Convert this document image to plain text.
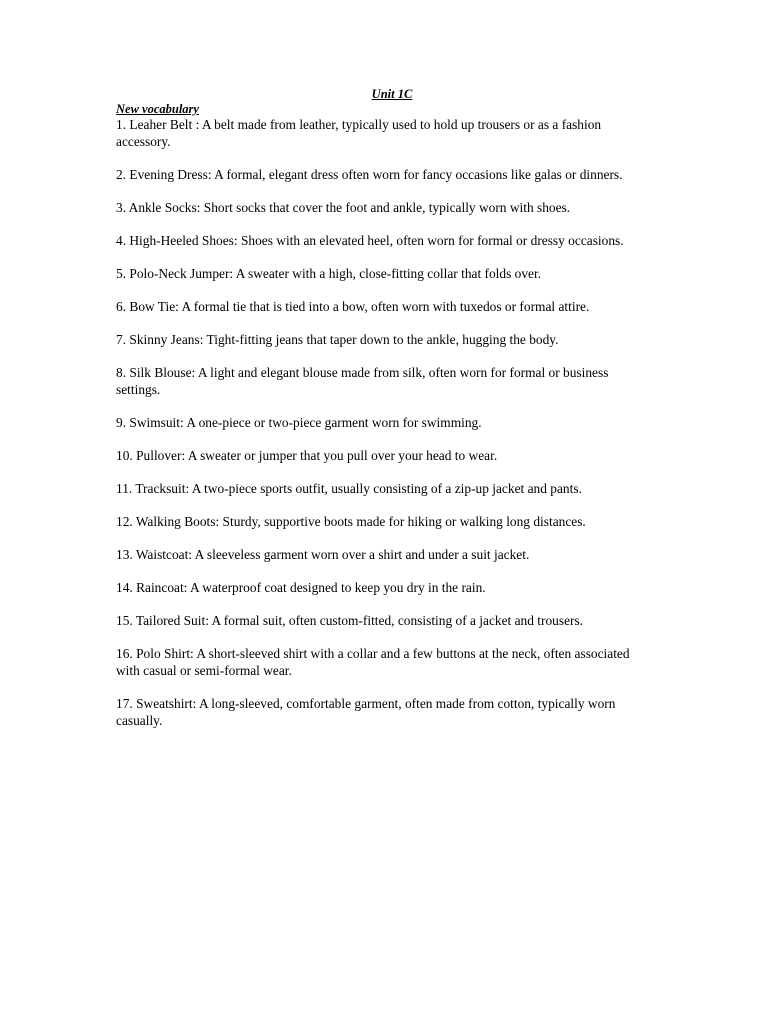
Unit 1C
New vocabulary
1. Leaher Belt : A belt made from leather, typically used to hold up trousers or as a fashion accessory.
2. Evening Dress: A formal, elegant dress often worn for fancy occasions like galas or dinners.
3. Ankle Socks: Short socks that cover the foot and ankle, typically worn with shoes.
4. High-Heeled Shoes: Shoes with an elevated heel, often worn for formal or dressy occasions.
5. Polo-Neck Jumper: A sweater with a high, close-fitting collar that folds over.
6. Bow Tie: A formal tie that is tied into a bow, often worn with tuxedos or formal attire.
7. Skinny Jeans: Tight-fitting jeans that taper down to the ankle, hugging the body.
8. Silk Blouse: A light and elegant blouse made from silk, often worn for formal or business settings.
9. Swimsuit: A one-piece or two-piece garment worn for swimming.
10. Pullover: A sweater or jumper that you pull over your head to wear.
11. Tracksuit: A two-piece sports outfit, usually consisting of a zip-up jacket and pants.
12. Walking Boots: Sturdy, supportive boots made for hiking or walking long distances.
13. Waistcoat: A sleeveless garment worn over a shirt and under a suit jacket.
14. Raincoat: A waterproof coat designed to keep you dry in the rain.
15. Tailored Suit: A formal suit, often custom-fitted, consisting of a jacket and trousers.
16. Polo Shirt: A short-sleeved shirt with a collar and a few buttons at the neck, often associated with casual or semi-formal wear.
17. Sweatshirt: A long-sleeved, comfortable garment, often made from cotton, typically worn casually.
